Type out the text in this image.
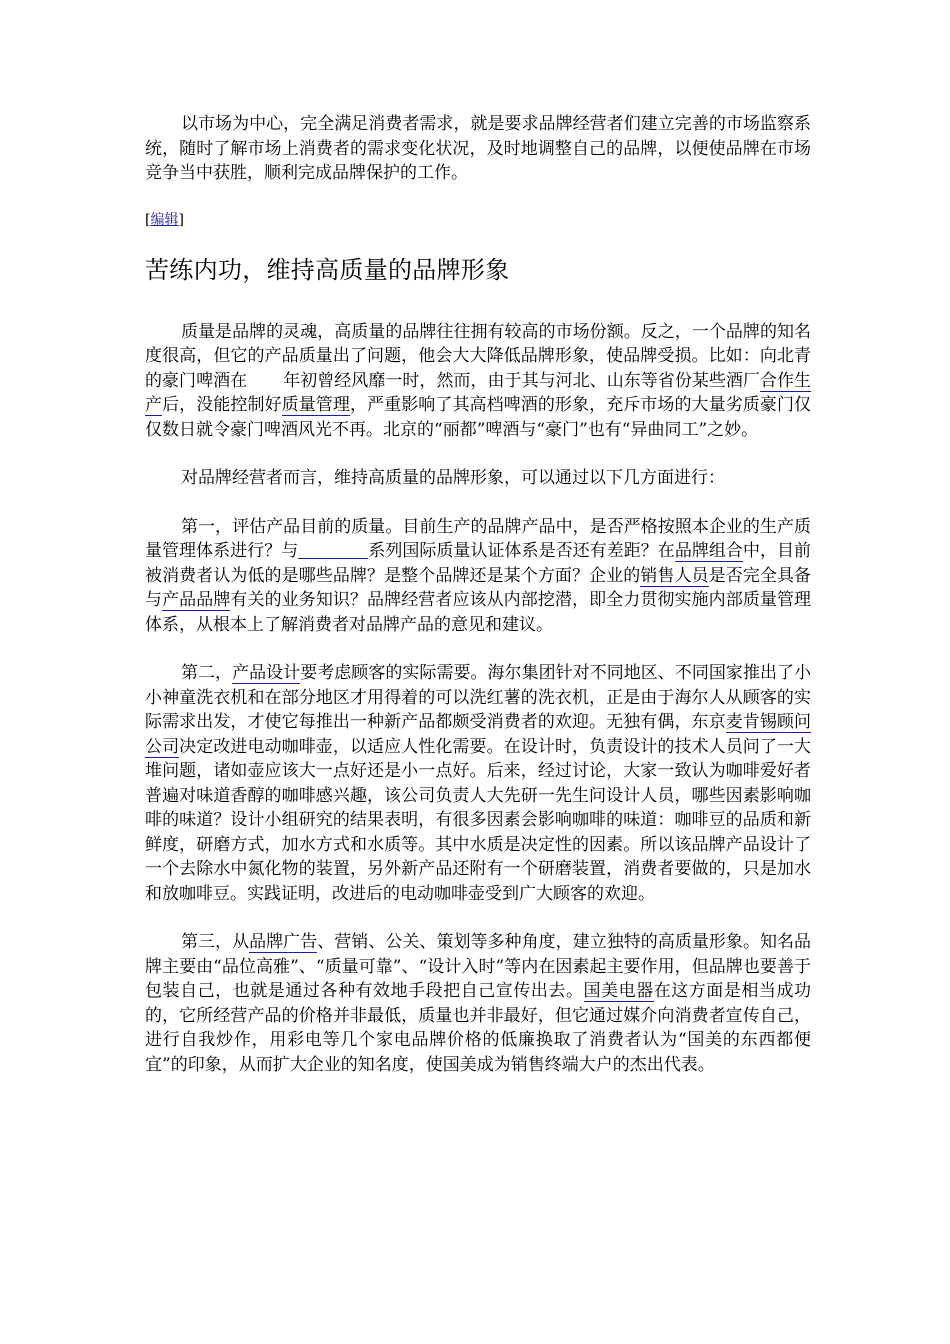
以市场为中心，完全满足消费者需求，就是要求品牌经营者们建立完善的市场监察系统，随时了解市场上消费者的需求变化状况，及时地调整自己的品牌，以便使品牌在市场竞争当中获胜，顺利完成品牌保护的工作。

[编辑]

苦练内功，维持高质量的品牌形象

质量是品牌的灵魂，高质量的品牌往往拥有较高的市场份额。反之，一个品牌的知名度很高，但它的产品质量出了问题，他会大大降低品牌形象，使品牌受损。比如：向北青的豪门啤酒在 年初曾经风靡一时，然而，由于其与河北、山东等省份某些酒厂合作生产后，没能控制好质量管理，严重影响了其高档啤酒的形象，充斥市场的大量劣质豪门仅仅数日就令豪门啤酒风光不再。北京的“丽都”啤酒与“豪门”也有“异曲同工”之妙。

对品牌经营者而言，维持高质量的品牌形象，可以通过以下几方面进行：

第一，评估产品目前的质量。目前生产的品牌产品中，是否严格按照本企业的生产质量管理体系进行？与	系列国际质量认证体系是否还有差距？在品牌组合中，目前被消费者认为低的是哪些品牌？是整个品牌还是某个方面？企业的销售人员是否完全具备与产品品牌有关的业务知识？品牌经营者应该从内部挖潜，即全力贯彻实施内部质量管理体系，从根本上了解消费者对品牌产品的意见和建议。

第二，产品设计要考虑顾客的实际需要。海尔集团针对不同地区、不同国家推出了小小神童洗衣机和在部分地区才用得着的可以洗红薯的洗衣机，正是由于海尔人从顾客的实际需求出发，才使它每推出一种新产品都颇受消费者的欢迎。无独有偶，东京麦肯锡顾问公司决定改进电动咖啡壶，以适应人性化需要。在设计时，负责设计的技术人员问了一大堆问题，诸如壶应该大一点好还是小一点好。后来，经过讨论，大家一致认为咖啡爱好者普遍对味道香醇的咖啡感兴趣，该公司负责人大先研一先生问设计人员，哪些因素影响咖啡的味道？设计小组研究的结果表明，有很多因素会影响咖啡的味道：咖啡豆的品质和新鲜度，研磨方式，加水方式和水质等。其中水质是决定性的因素。所以该品牌产品设计了一个去除水中氮化物的装置，另外新产品还附有一个研磨装置，消费者要做的，只是加水和放咖啡豆。实践证明，改进后的电动咖啡壶受到广大顾客的欢迎。

第三，从品牌广告、营销、公关、策划等多种角度，建立独特的高质量形象。知名品牌主要由“品位高雅”、“质量可靠”、“设计入时”等内在因素起主要作用，但品牌也要善于包装自己，也就是通过各种有效地手段把自己宣传出去。国美电器在这方面是相当成功的，它所经营产品的价格并非最低，质量也并非最好，但它通过媒介向消费者宣传自己，进行自我炒作，用彩电等几个家电品牌价格的低廉换取了消费者认为“国美的东西都便宜”的印象，从而扩大企业的知名度，使国美成为销售终端大户的杰出代表。
